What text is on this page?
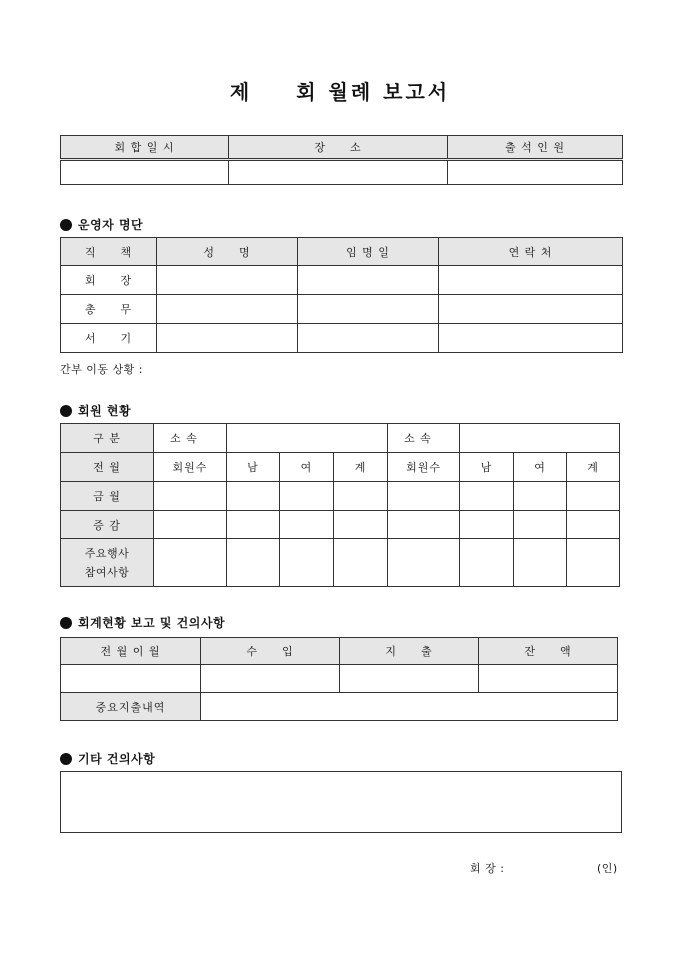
제 회 월례 보고서
회 합 일 시	장　　소	출 석 인 원

운영자 명단
직　　책	성　　명	임 명 일	연 락 처
회　　장			
총　　무			
서　　기			
간부 이동 상황 :
회원 현황
구 분	소 속				소 속			
전 월	회원수	남	여	계	회원수	남	여	계
금 월								
증 감								

주요행사
참여사항								

회계현황 보고 및 건의사항
전 월 이 월	수　　입	지　　출	잔　　액

중요지출내역			
기타 건의사항
회 장 :	(인)
